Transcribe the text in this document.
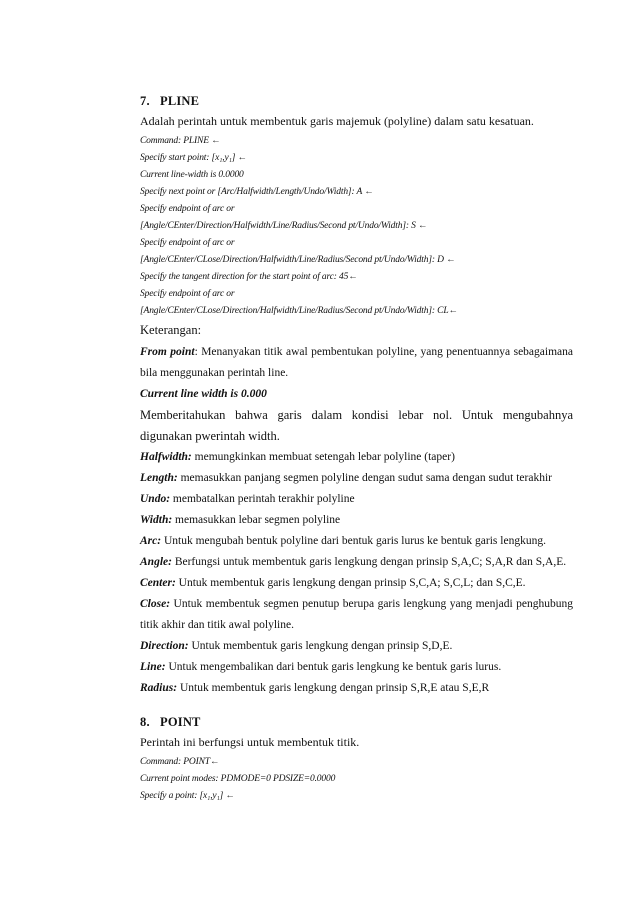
7. PLINE
Adalah perintah untuk membentuk garis majemuk (polyline) dalam satu kesatuan.
Command: PLINE ←
Specify start point: [x₁,y₁] ←
Current line-width is 0.0000
Specify next point or [Arc/Halfwidth/Length/Undo/Width]: A ←
Specify endpoint of arc or
[Angle/CEnter/Direction/Halfwidth/Line/Radius/Second pt/Undo/Width]: S ←
Specify endpoint of arc or
[Angle/CEnter/CLose/Direction/Halfwidth/Line/Radius/Second pt/Undo/Width]: D ←
Specify the tangent direction for the start point of arc: 45←
Specify endpoint of arc or
[Angle/CEnter/CLose/Direction/Halfwidth/Line/Radius/Second pt/Undo/Width]: CL←
Keterangan:
From point: Menanyakan titik awal pembentukan polyline, yang penentuannya sebagaimana bila menggunakan perintah line.
Current line width is 0.000
Memberitahukan bahwa garis dalam kondisi lebar nol. Untuk mengubahnya digunakan pwerintah width.
Halfwidth: memungkinkan membuat setengah lebar polyline (taper)
Length: memasukkan panjang segmen polyline dengan sudut sama dengan sudut terakhir
Undo: membatalkan perintah terakhir polyline
Width: memasukkan lebar segmen polyline
Arc: Untuk mengubah bentuk polyline dari bentuk garis lurus ke bentuk garis lengkung.
Angle: Berfungsi untuk membentuk garis lengkung dengan prinsip S,A,C; S,A,R dan S,A,E.
Center: Untuk membentuk garis lengkung dengan prinsip S,C,A; S,C,L; dan S,C,E.
Close: Untuk membentuk segmen penutup berupa garis lengkung yang menjadi penghubung titik akhir dan titik awal polyline.
Direction: Untuk membentuk garis lengkung dengan prinsip S,D,E.
Line: Untuk mengembalikan dari bentuk garis lengkung ke bentuk garis lurus.
Radius: Untuk membentuk garis lengkung dengan prinsip S,R,E atau S,E,R
8. POINT
Perintah ini berfungsi untuk membentuk titik.
Command: POINT←
Current point modes: PDMODE=0 PDSIZE=0.0000
Specify a point: [x₁,y₁] ←
